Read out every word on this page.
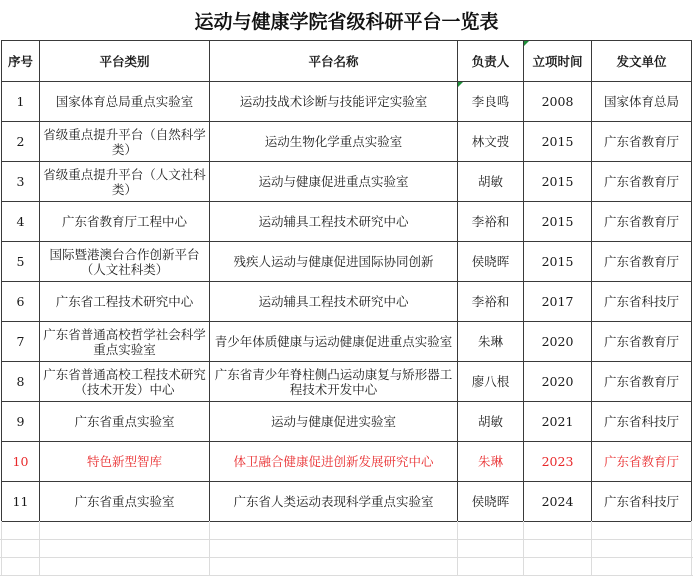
运动与健康学院省级科研平台一览表
序号	平台类别	平台名称	负责人	立项时间	发文单位
1	国家体育总局重点实验室	运动技战术诊断与技能评定实验室	李良鸣	2008	国家体育总局
2	省级重点提升平台（自然科学类）	运动生物化学重点实验室	林文弢	2015	广东省教育厅
3	省级重点提升平台（人文社科类）	运动与健康促进重点实验室	胡敏	2015	广东省教育厅
4	广东省教育厅工程中心	运动辅具工程技术研究中心	李裕和	2015	广东省教育厅
5	国际暨港澳台合作创新平台（人文社科类）	残疾人运动与健康促进国际协同创新	侯晓晖	2015	广东省教育厅
6	广东省工程技术研究中心	运动辅具工程技术研究中心	李裕和	2017	广东省科技厅
7	广东省普通高校哲学社会科学重点实验室	青少年体质健康与运动健康促进重点实验室	朱琳	2020	广东省教育厅
8	广东省普通高校工程技术研究（技术开发）中心	广东省青少年脊柱侧凸运动康复与矫形器工程技术开发中心	廖八根	2020	广东省教育厅
9	广东省重点实验室	运动与健康促进实验室	胡敏	2021	广东省科技厅
10	特色新型智库	体卫融合健康促进创新发展研究中心	朱琳	2023	广东省教育厅
11	广东省重点实验室	广东省人类运动表现科学重点实验室	侯晓晖	2024	广东省科技厅
